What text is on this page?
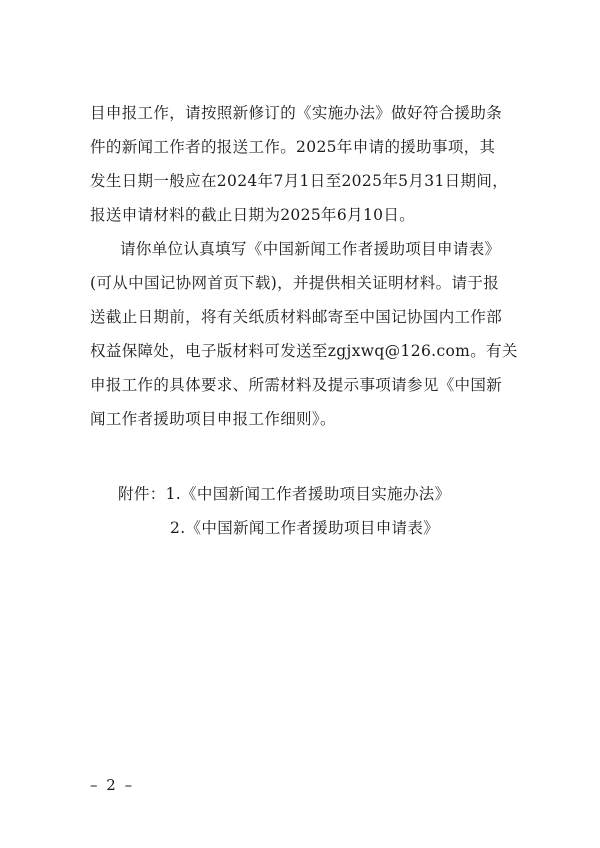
目申报工作，请按照新修订的《实施办法》做好符合援助条
件的新闻工作者的报送工作。2025年申请的援助事项，其
发生日期一般应在2024年7月1日至2025年5月31日期间，
报送申请材料的截止日期为2025年6月10日。
请你单位认真填写《中国新闻工作者援助项目申请表》
(可从中国记协网首页下载)，并提供相关证明材料。请于报
送截止日期前，将有关纸质材料邮寄至中国记协国内工作部
权益保障处，电子版材料可发送至zgjxwq@126.com。有关
申报工作的具体要求、所需材料及提示事项请参见《中国新
闻工作者援助项目申报工作细则》。
附件：1.《中国新闻工作者援助项目实施办法》
2.《中国新闻工作者援助项目申请表》
– 2 –
